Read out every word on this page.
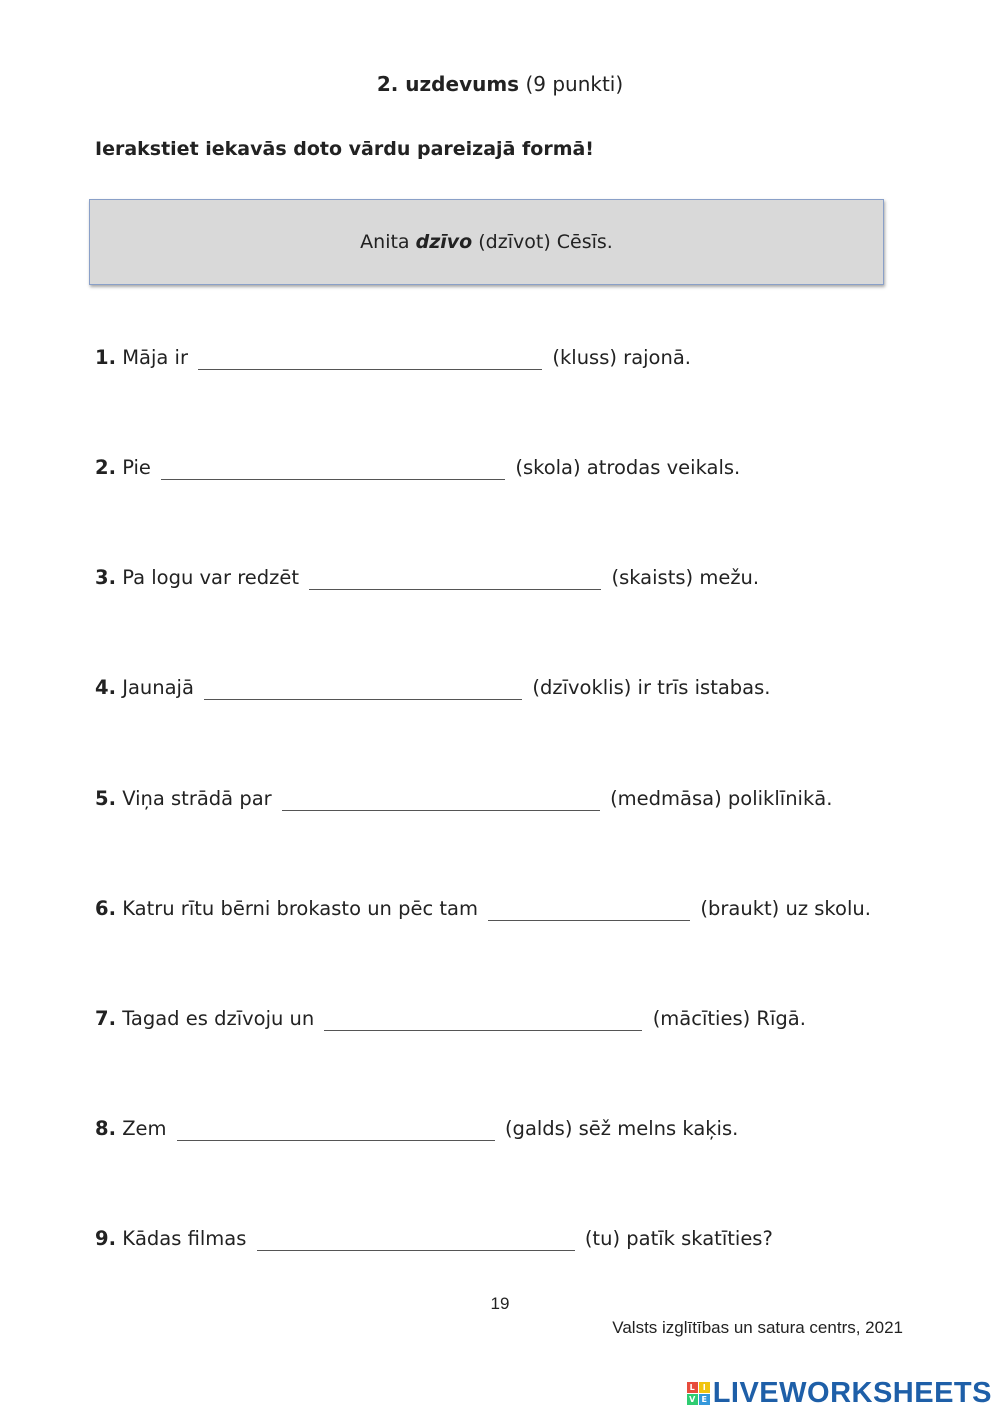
2. uzdevums (9 punkti)
Ierakstiet iekavās doto vārdu pareizajā formā!
Anita dzīvo (dzīvot) Cēsīs.
1. Māja ir	(kluss) rajonā.
2. Pie	(skola) atrodas veikals.
3. Pa logu var redzēt	(skaists) mežu.
4. Jaunajā	(dzīvoklis) ir trīs istabas.
5. Viņa strādā par	(medmāsa) poliklīnikā.
6. Katru rītu bērni brokasto un pēc tam	(braukt) uz skolu.
7. Tagad es dzīvoju un	(mācīties) Rīgā.
8. Zem	(galds) sēž melns kaķis.
9. Kādas filmas	(tu) patīk skatīties?
19
Valsts izglītības un satura centrs, 2021
L I
V E LIVEWORKSHEETS
